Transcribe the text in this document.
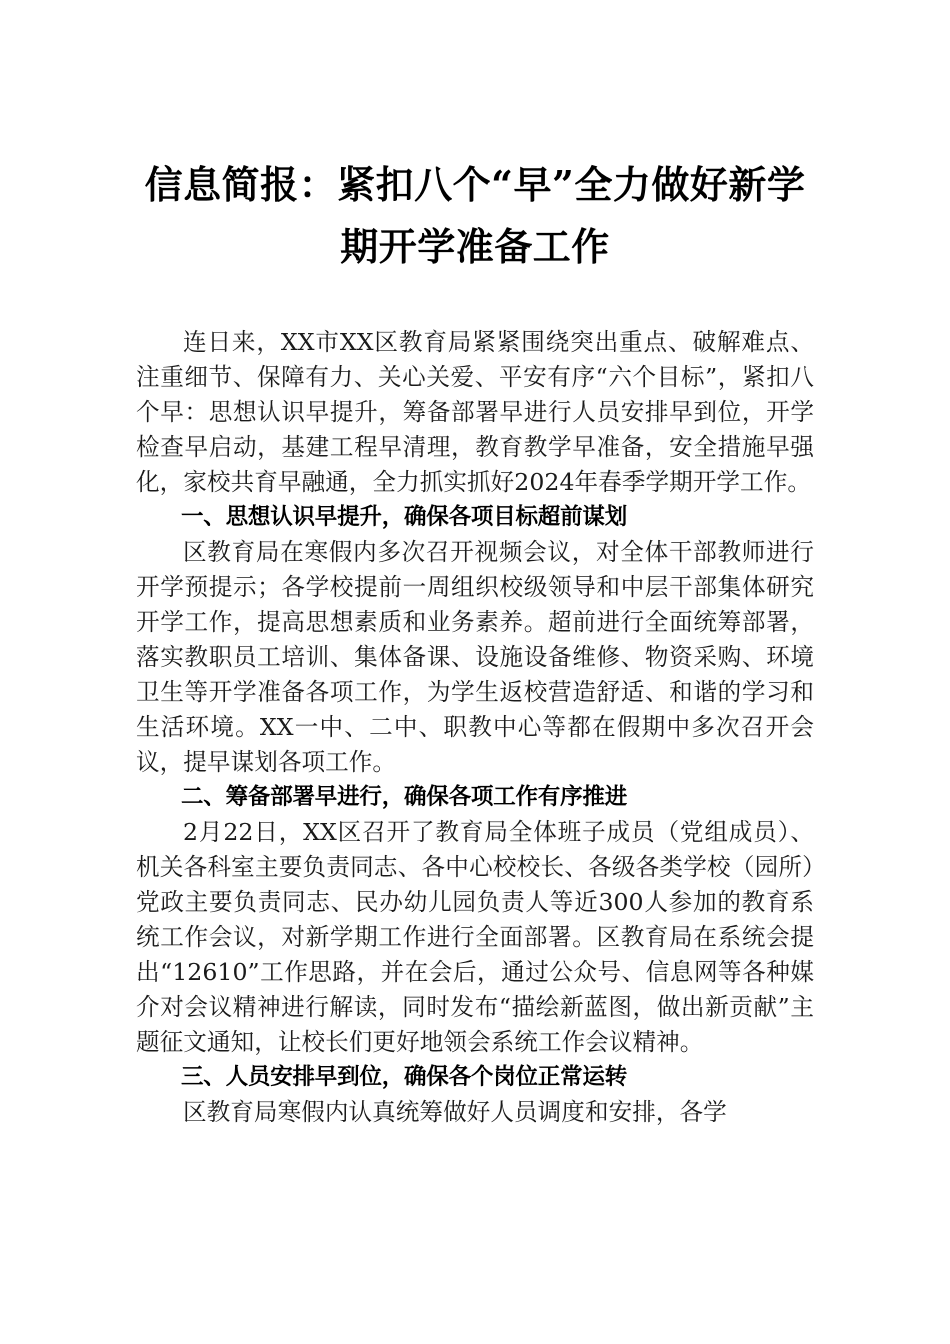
信息简报：紧扣八个“早”全力做好新学
期开学准备工作

连日来，XX市XX区教育局紧紧围绕突出重点、破解难点、注重细节、保障有力、关心关爱、平安有序“六个目标”，紧扣八个早：思想认识早提升，筹备部署早进行人员安排早到位，开学检查早启动，基建工程早清理，教育教学早准备，安全措施早强化，家校共育早融通，全力抓实抓好2024年春季学期开学工作。

一、思想认识早提升，确保各项目标超前谋划

区教育局在寒假内多次召开视频会议，对全体干部教师进行开学预提示；各学校提前一周组织校级领导和中层干部集体研究开学工作，提高思想素质和业务素养。超前进行全面统筹部署，落实教职员工培训、集体备课、设施设备维修、物资采购、环境卫生等开学准备各项工作，为学生返校营造舒适、和谐的学习和生活环境。XX一中、二中、职教中心等都在假期中多次召开会议，提早谋划各项工作。

二、筹备部署早进行，确保各项工作有序推进

2月22日，XX区召开了教育局全体班子成员（党组成员）、机关各科室主要负责同志、各中心校校长、各级各类学校（园所）党政主要负责同志、民办幼儿园负责人等近300人参加的教育系统工作会议，对新学期工作进行全面部署。区教育局在系统会提出“12610”工作思路，并在会后，通过公众号、信息网等各种媒介对会议精神进行解读，同时发布“描绘新蓝图，做出新贡献”主题征文通知，让校长们更好地领会系统工作会议精神。

三、人员安排早到位，确保各个岗位正常运转

区教育局寒假内认真统筹做好人员调度和安排，各学
